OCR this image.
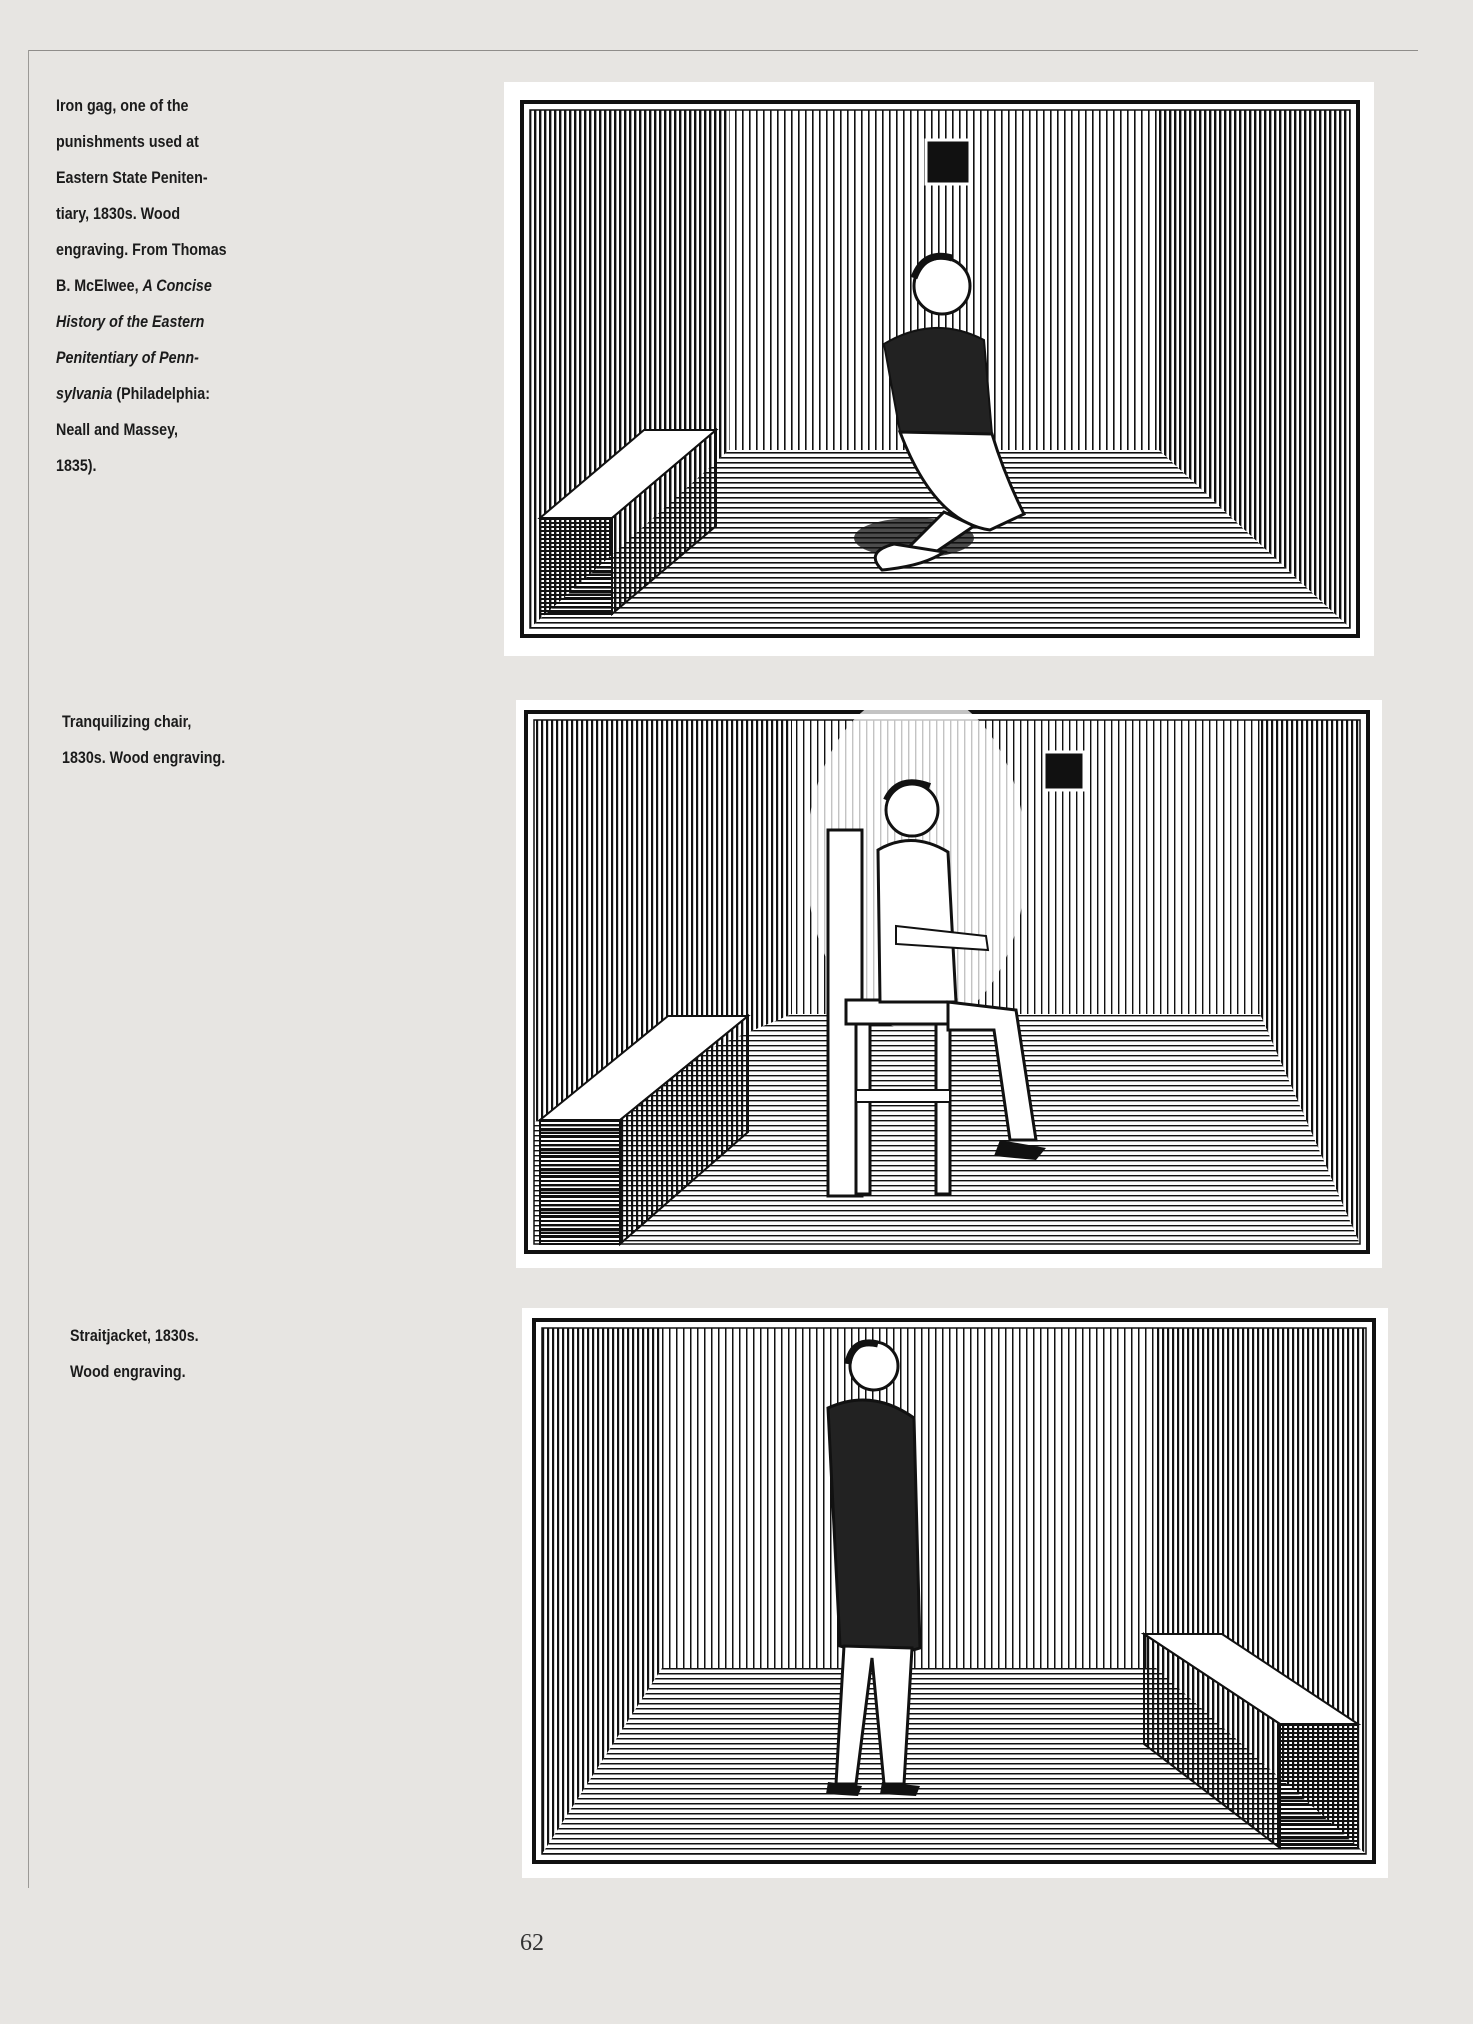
Iron gag, one of the
punishments used at
Eastern State Peniten-
tiary, 1830s. Wood
engraving. From Thomas
B. McElwee, A Concise
History of the Eastern
Penitentiary of Penn-
sylvania (Philadelphia:
Neall and Massey,
1835).
Tranquilizing chair,
1830s. Wood engraving.
Straitjacket, 1830s.
Wood engraving.
62
